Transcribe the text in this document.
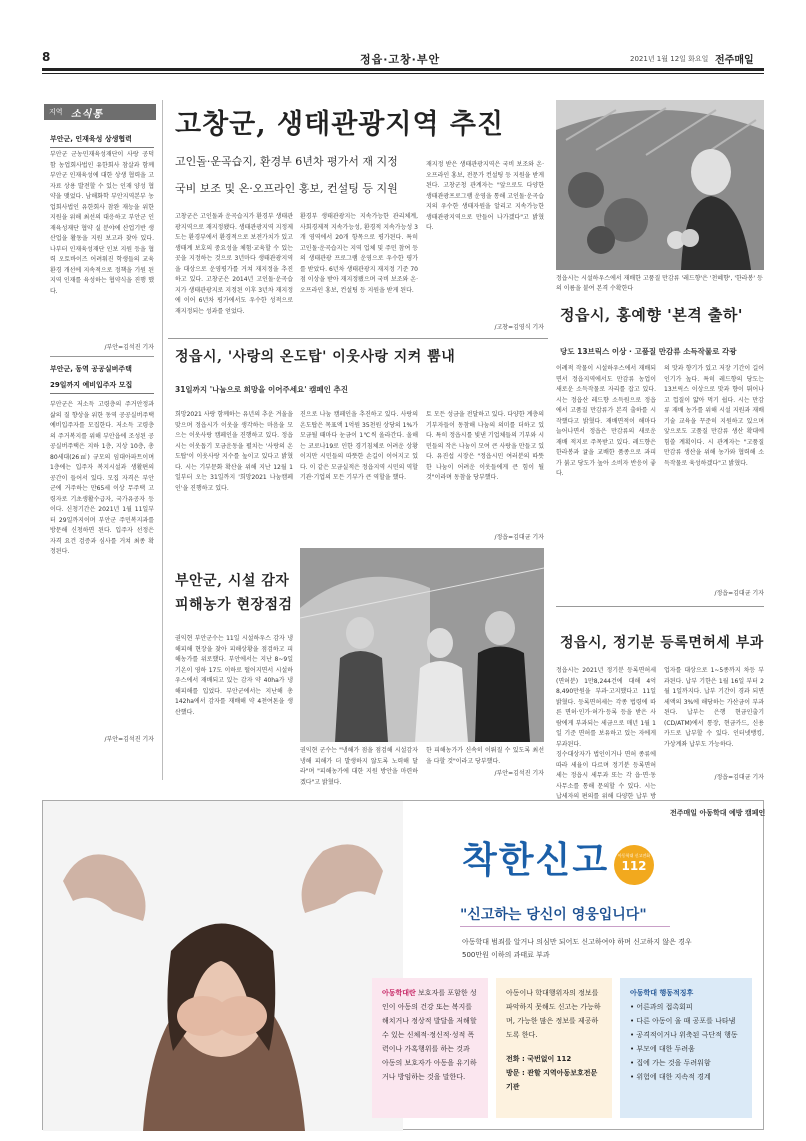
8	정읍·고창·부안	2021년 1월 12일 화요일 전주매일
지역 소식통
부안군, 인재육성 상생협력
부안군 군농민재육성재단이 사랑 공덕함 농업회사법인 유한회사 참살과 함께 부안군 인재육성에 대한 상생 협력을 고 자료 상용 발전할 수 있는 인재 양성 협약을 맺었다. 남해화학 부안지역본부 농업회사법인 유한회사 참완 재능을 위한 지원을 위해 최선의 대응하고 부안군 인재육성재단 협약 실 분야에 산업기반 생산업을 활동을 지원 보고과 찾아 있다. 나부터 인재육성재단 인보 지원 등을 협력 오토바이즈 어려워진 학생들의 교육환경 개선에 지속적으로 정책을 기원 된 지역 인재를 육성하는 협약식을 진행 했다.
/부안=김석진 기자
부안군, 동역 공공실버주택
29일까지 예비입주자 모집
부안군은 저소득 고령층의 주거안정과 삶의 질 향상을 위한 동역 공공실버주택 예비입주자를 모집한다. 저소득 고령층의 주거복지를 위해 부안읍에 조성된 공공실버주택은 지하 1층, 지상 10층, 총 80세대(26㎡) 규모의 임대아파트이며 1층에는 입주자 복지시설과 생활편의 공간이 들어서 있다. 모집 자격은 부안군에 거주하는 만65세 이상 무주택 고령자로 기초생활수급자, 국가유공자 등이다. 신청기간은 2021년 1월 11일부터 29일까지이며 부안군 주민복지과를 방문해 신청하면 된다. 입주자 선정은 자격 요건 검증과 심사를 거쳐 최종 확정된다.
/부안=김석진 기자
고창군, 생태관광지역 추진
고인돌·운곡습지, 환경부 6년차 평가서 재 지정
국비 보조 및 온·오프라인 홍보, 컨설팅 등 지원
고창군은 고인돌과 운곡습지가 환경부 생태관광지역으로 재지정됐다. 생태관광지역 지정제도는 환경부에서 환경적으로 보전가치가 있고 생태계 보호의 중요성을 체험·교육할 수 있는 곳을 지정하는 것으로 3년마다 생태관광지역을 대상으로 운영평가를 거쳐 재지정을 추진하고 있다. 고창군은 2014년 고인돌·운곡습지가 생태관광지로 지정된 이후 3년차 재지정에 이어 6년차 평가에서도 우수한 성적으로 재지정되는 성과를 얻었다.
환경부 생태관광지는 지속가능한 관리체계, 사회경제적 지속가능성, 환경적 지속가능성 3개 영역에서 20개 항목으로 평가된다. 특히 고인돌·운곡습지는 지역 업체 및 주민 참여 등의 생태관광 프로그램 운영으로 우수한 평가를 받았다. 6년차 생태관광지 재지정 기준 70점 이상을 받아 재지정됐으며 국비 보조와 온·오프라인 홍보, 컨설팅 등 지원을 받게 된다.
재지정 받은 생태관광지역은 국비 보조와 온·오프라인 홍보, 전문가 컨설팅 등 지원을 받게 된다. 고창군청 관계자는 "앞으로도 다양한 생태관광프로그램 운영을 통해 고인돌·운곡습지의 우수한 생태자원을 알리고 지속가능한 생태관광지역으로 만들어 나가겠다"고 밝혔다.
/고창=김영식 기자
정읍시는 시설하우스에서 재배한 고품질 만감류 '레드향'은 '천혜향', '한라봉' 등의 이름을 붙여 본격 수확한다
정읍시, 홍예향 '본격 출하'
당도 13브릭스 이상 · 고품질 만감류 소득작물로 각광
이례적 작물이 시설하우스에서 재배되면서 정읍지역에서도 만감류 농업이 새로운 소득작물로 자리를 잡고 있다. 시는 정읍산 레드향 소득원으로 정읍에서 고품질 만감류가 본격 출하를 시작했다고 밝혔다. 재배면적이 해마다 늘어나면서 정읍은 만감류의 새로운 재배 적지로 주목받고 있다. 레드향은 한라봉과 귤을 교배한 품종으로 과피가 붉고 당도가 높아 소비자 반응이 좋다.
의 맛과 향기가 있고 저장 기간이 길어 인기가 높다. 특히 레드향의 당도는 13브릭스 이상으로 맛과 향이 뛰어나고 껍질이 얇아 먹기 쉽다. 시는 만감류 재배 농가를 위해 시설 지원과 재배 기술 교육을 꾸준히 지원하고 있으며 앞으로도 고품질 만감류 생산 확대에 힘쓸 계획이다. 시 관계자는 "고품질 만감류 생산을 위해 농가와 협력해 소득작물로 육성하겠다"고 밝혔다.
/정읍=김대균 기자
정읍시, '사랑의 온도탑' 이웃사랑 지켜 뿜내
31일까지 '나눔으로 희망을 이어주세요' 캠페인 추진
희망2021 사랑 함께하는 유년의 추운 겨울을 맞으며 정읍시가 이웃을 생각하는 마음을 모으는 이웃사랑 캠페인을 진행하고 있다. 정읍시는 이웃돕기 모금운동을 펼치는 '사랑의 온도탑'이 이웃사랑 지수를 높이고 있다고 밝혔다. 시는 기부문화 확산을 위해 지난 12월 1일부터 오는 31일까지 '희망2021 나눔캠페인'을 진행하고 있다.
진으로 나눔 캠페인을 추진하고 있다. 사랑의 온도탑은 목표액 1억원 35천원 상당의 1%가 모금될 때마다 눈금이 1℃씩 올라간다. 올해는 코로나19로 인한 경기침체로 어려운 상황이지만 시민들의 따뜻한 손길이 이어지고 있다. 이 같은 모금실적은 정읍지역 시민의 역할 기관·기업의 모든 기부가 큰 역할을 했다.
토 모든 성금을 전달하고 있다. 다양한 계층의 기부자들이 동참해 나눔의 의미를 더하고 있다. 특히 정읍시를 빛낸 기업체들의 기부와 시민들의 작은 나눔이 모여 큰 사랑을 만들고 있다. 유진섭 시장은 "정읍시민 여러분의 따뜻한 나눔이 어려운 이웃들에게 큰 힘이 될 것"이라며 동참을 당부했다.
/정읍=김대균 기자
부안군, 시설 감자
피해농가 현장점검
권익현 부안군수는 11일 시설하우스 감자 냉해피해 현장을 찾아 피해상황을 점검하고 피해농가를 위로했다. 부안에서는 지난 8~9일 기온이 영하 17도 이하로 떨어지면서 시설하우스에서 재배되고 있는 감자 약 40ha가 냉해피해를 입었다. 부안군에서는 지난해 총 142ha에서 감자를 재배해 약 4천여톤을 생산했다.
권익현 군수는 "냉해가 점을 점검해 시설감자 냉해 피해가 더 발생하지 않도록 노력해 달라"며 "피해농가에 대한 지원 방안을 마련하겠다"고 밝혔다.
한 피해농가가 신속히 이뤄질 수 있도록 최선을 다할 것"이라고 당부했다.
/부안=김석진 기자
정읍시, 정기분 등록면허세 부과
정읍시는 2021년 정기분 등록면허세(면허분) 1만8,244건에 대해 4억8,490만원을 부과·고지했다고 11일 밝혔다. 등록면허세는 각종 법령에 따른 면허·인가·허가·등록 등을 받은 사람에게 부과되는 세금으로 매년 1월 1일 기준 면허를 보유하고 있는 자에게 부과된다.
징수대상자가 법인이거나 면허 종류에 따라 세율이 다르며 정기분 등록면허세는 정읍시 세무과 또는 각 읍·면·동 사무소를 통해 문의할 수 있다. 시는 납세자의 편의를 위해 다양한 납부 방
업자를 대상으로 1~5종까지 차등 부과된다. 납부 기한은 1월 16일 부터 2월 1일까지다. 납부 기간이 경과 되면 세액의 3%에 해당하는 가산금이 부과된다. 납부는 은행 현금인출기(CD/ATM)에서 통장, 현금카드, 신용카드로 납부할 수 있다. 인터넷뱅킹, 가상계좌 납부도 가능하다.
/정읍=김대균 기자
전주매일 아동학대 예방 캠페인
착한신고	아동학대 신고전화
112
"신고하는 당신이 영웅입니다"
아동학대 범죄를 알거나 의심만 되어도 신고하여야 하며 신고하지 않은 경우 500만원 이하의 과태료 부과
아동학대란 보호자를 포함한 성인이 아동의 건강 또는 복지를 해치거나 정상적 발달을 저해할 수 있는 신체적·정신적·성적 폭력이나 가혹행위를 하는 것과 아동의 보호자가 아동을 유기하거나 방임하는 것을 말한다.
아동이나 학대행위자의 정보를 파악하지 못해도 신고는 가능하며, 가능한 많은 정보를 제공하도록 한다.
전화 : 국번없이 112
방문 : 관할 지역아동보호전문기관
아동학대 행동적징후
• 어른과의 접촉회피
• 다른 아동이 울 때 공포를 나타냄
• 공격적이거나 위축된 극단적 행동
• 부모에 대한 두려움
• 집에 가는 것을 두려워함
• 위험에 대한 지속적 경계
